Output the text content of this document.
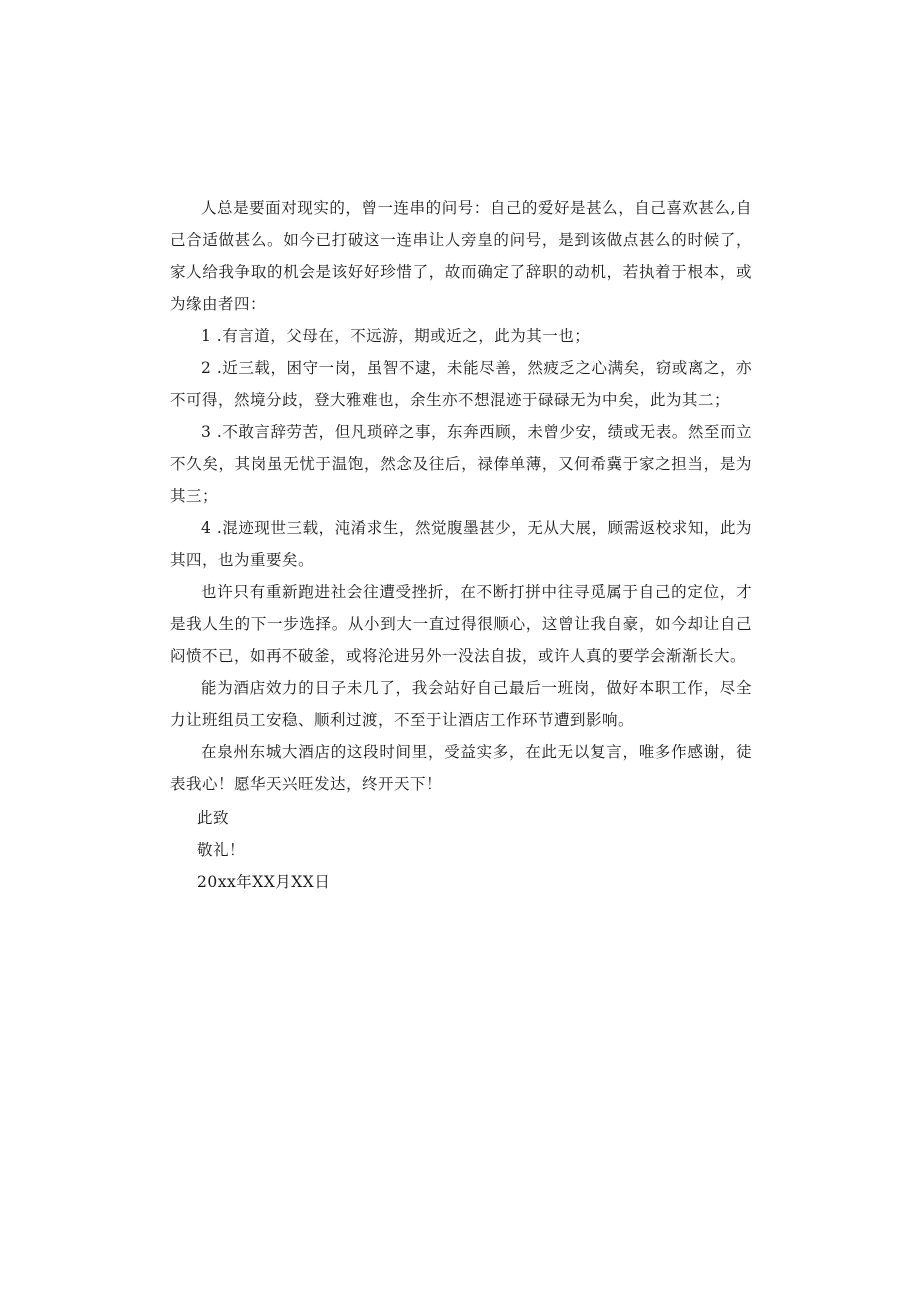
人总是要面对现实的，曾一连串的问号：自己的爱好是甚么，自己喜欢甚么,自己合适做甚么。如今已打破这一连串让人旁皇的问号，是到该做点甚么的时候了，家人给我争取的机会是该好好珍惜了，故而确定了辞职的动机，若执着于根本，或为缘由者四：

1 .有言道，父母在，不远游，期或近之，此为其一也；

2 .近三载，困守一岗，虽智不逮，未能尽善，然疲乏之心满矣，窃或离之，亦不可得，然境分歧，登大雅难也，余生亦不想混迹于碌碌无为中矣，此为其二；

3 .不敢言辞劳苦，但凡琐碎之事，东奔西顾，未曾少安，绩或无表。然至而立不久矣，其岗虽无忧于温饱，然念及往后，禄俸单薄，又何希冀于家之担当，是为其三；

4 .混迹现世三载，沌淆求生，然觉腹墨甚少，无从大展，顾需返校求知，此为其四，也为重要矣。

也许只有重新跑进社会往遭受挫折，在不断打拼中往寻觅属于自己的定位，才是我人生的下一步选择。从小到大一直过得很顺心，这曾让我自豪，如今却让自己闷愤不已，如再不破釜，或将沦进另外一没法自拔，或许人真的要学会渐渐长大。

能为酒店效力的日子未几了，我会站好自己最后一班岗，做好本职工作，尽全力让班组员工安稳、顺利过渡，不至于让酒店工作环节遭到影响。

在泉州东城大酒店的这段时间里，受益实多，在此无以复言，唯多作感谢，徒表我心！愿华天兴旺发达，终开天下！

此致

敬礼！

20xx年XX月XX日
